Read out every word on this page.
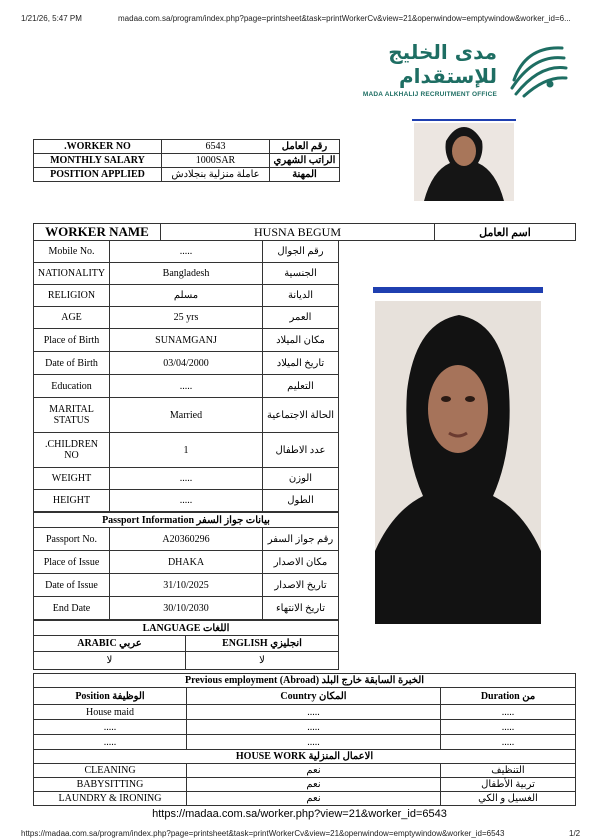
1/21/26, 5:47 PM	madaa.com.sa/program/index.php?page=printsheet&task=printWorkerCv&view=21&openwindow=emptywindow&worker_id=6...
مدى الخليج للإستقدام
MADA ALKHALIJ RECRUITMENT OFFICE
.WORKER NO	6543	رقم العامل
MONTHLY SALARY	1000SAR	الراتب الشهري
POSITION APPLIED	عاملة منزلية بنجلادش	المهنة
WORKER NAME	HUSNA BEGUM	اسم العامل
Mobile No.	.....	رقم الجوال
NATIONALITY	Bangladesh	الجنسية
RELIGION	مسلم	الديانة
AGE	25 yrs	العمر
Place of Birth	SUNAMGANJ	مكان الميلاد
Date of Birth	03/04/2000	تاريخ الميلاد
Education	.....	التعليم
MARITAL STATUS	Married	الحالة الاجتماعية
.CHILDREN NO	1	عدد الاطفال
WEIGHT	.....	الوزن
HEIGHT	.....	الطول
Passport Information بيانات جواز السفر		
Passport No.	A20360296	رقم جواز السفر
Place of Issue	DHAKA	مكان الاصدار
Date of Issue	31/10/2025	تاريخ الاصدار
End Date	30/10/2030	تاريخ الانتهاء
LANGUAGE اللغات	
ARABIC عربي	ENGLISH انجليزي
لا	لا
Previous employment (Abroad) الخبرة السابقة خارج البلد		
Position الوظيفة	Country المكان	Duration من
House maid	.....	.....
.....	.....	.....
.....	.....	.....
HOUSE WORK الاعمال المنزلية		
CLEANING	نعم	التنظيف
BABYSITTING	نعم	تربية الأطفال
LAUNDRY & IRONING	نعم	الغسيل و الكي

https://madaa.com.sa/worker.php?view=21&worker_id=6543
https://madaa.com.sa/program/index.php?page=printsheet&task=printWorkerCv&view=21&openwindow=emptywindow&worker_id=6543	1/2
